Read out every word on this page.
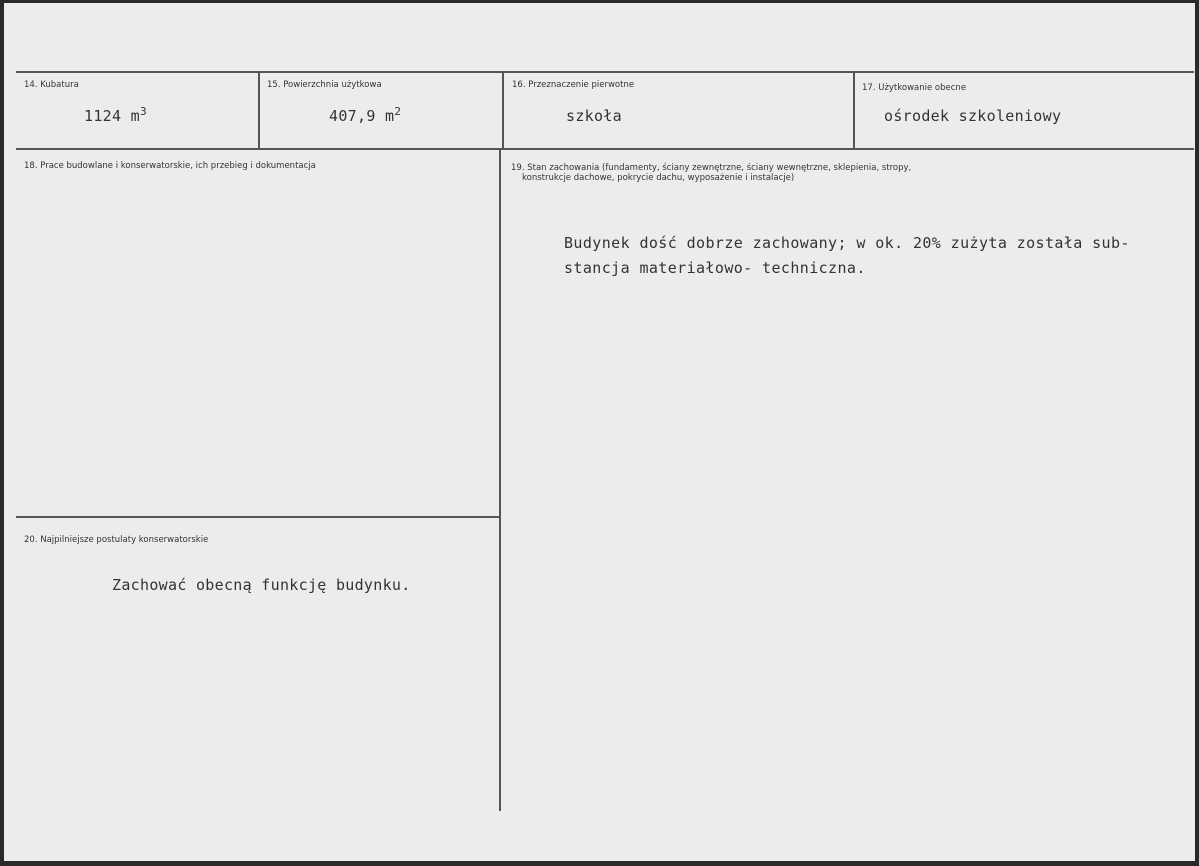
14. Kubatura
1124 $m^3$
15. Powierzchnia użytkowa
407,9 $m^2$
16. Przeznaczenie pierwotne
szkoła
17. Użytkowanie obecne
ośrodek szkoleniowy
18. Prace budowlane i konserwatorskie, ich przebieg i dokumentacja	19. Stan zachowania (fundamenty, ściany zewnętrzne, ściany wewnętrzne, sklepienia, stropy,
konstrukcje dachowe, pokrycie dachu, wyposażenie i instalacje)
Budynek dość dobrze zachowany; w ok. 20% zużyta została sub-
stancja materiałowo- techniczna.
20. Najpilniejsze postulaty konserwatorskie
Zachować obecną funkcję budynku.
